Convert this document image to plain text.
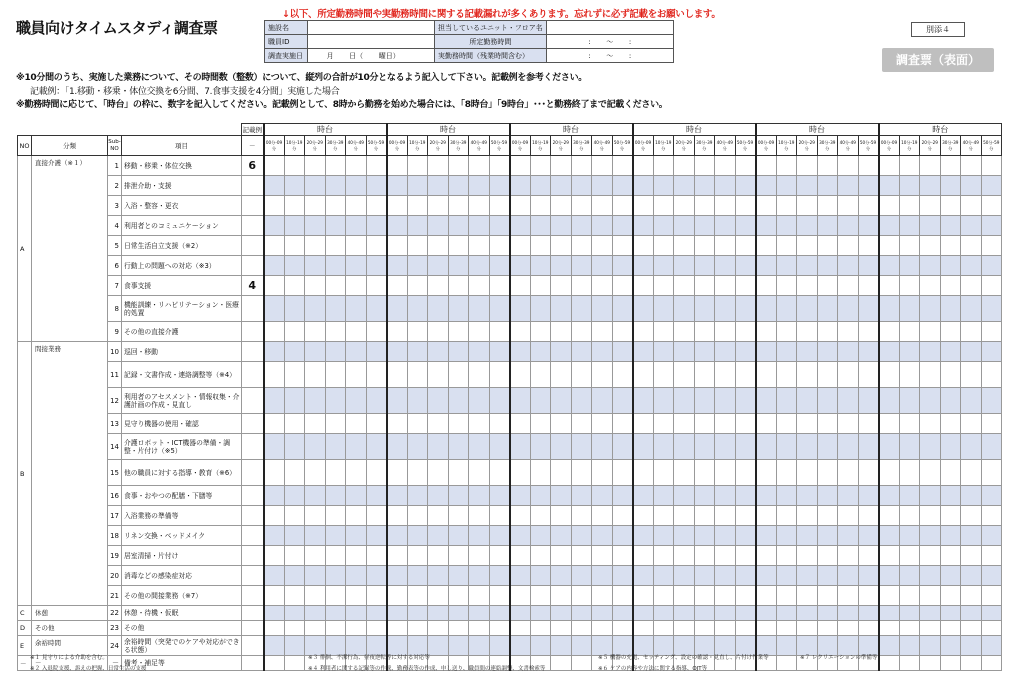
職員向けタイムスタディ調査票
↓以下、所定勤務時間や実勤務時間に関する記載漏れが多くあります。忘れずに必ず記載をお願いします。
施設名		担当しているユニット・フロア名	
職員ID		所定勤務時間	: ～ :
調査実施日	月 日（ 曜日）	実勤務時間（残業時間含む）	: ～ :
別添４
調査票（表面）
※10分間のうち、実施した業務について、その時間数（整数）について、縦列の合計が10分となるよう記入して下さい。記載例を参考ください。
記載例：「1.移動・移乗・体位交換を6分間、7.食事支援を4分間」実施した場合
※勤務時間に応じて、「時台」の枠に、数字を記入してください。記載例として、8時から勤務を始めた場合には、「8時台」「9時台」･･･と勤務終了まで記載ください。
				記載例	時台						時台						時台						時台						時台						時台					
NO	分類	Sub-NO	項目	－	00分-09分	10分-19分	20分-29分	30分-39分	40分-49分	50分-59分	00分-09分	10分-19分	20分-29分	30分-39分	40分-49分	50分-59分	00分-09分	10分-19分	20分-29分	30分-39分	40分-49分	50分-59分	00分-09分	10分-19分	20分-29分	30分-39分	40分-49分	50分-59分	00分-09分	10分-19分	20分-29分	30分-39分	40分-49分	50分-59分	00分-09分	10分-19分	20分-29分	30分-39分	40分-49分	50分-59分
A	直接介護（※１）	1	移動・移乗・体位交換	6																																				
		2	排泄介助・支援																																					
		3	入浴・整容・更衣																																					
		4	利用者とのコミュニケーション																																					
		5	日常生活自立支援（※2）																																					
		6	行動上の問題への対応（※3）																																					
		7	食事支援	4																																				
		8	機能訓練・リハビリテーション・医療的処置																																					
		9	その他の直接介護																																					
B	間接業務	10	巡回・移動																																					
		11	記録・文書作成・連絡調整等（※4）																																					
		12	利用者のアセスメント・情報収集・介護計画の作成・見直し																																					
		13	見守り機器の使用・確認																																					
		14	介護ロボット・ICT機器の準備・調整・片付け（※5）																																					
		15	他の職員に対する指導・教育（※6）																																					
		16	食事・おやつの配膳・下膳等																																					
		17	入浴業務の準備等																																					
		18	リネン交換・ベッドメイク																																					
		19	居室清掃・片付け																																					
		20	消毒などの感染症対応																																					
		21	その他の間接業務（※7）																																					
C	休憩	22	休憩・待機・仮眠																																					
D	その他	23	その他																																					
E	余裕時間	24	余裕時間（突発でのケアや対応ができる状態）																																					
－	－	－	備考・補足等																																					
※１ 見守りによる介助を含む。
※２ 入退院支援、訴えの把握、日常生活の支援
※３ 徘徊、不潔行為、昼夜逆転等に対する対応等
※４ 利用者に関する記録等の作成、勤務表等の作成、申し送り、職員間の連絡調整、文書検索等
※５ 機器の充電、セッティング、設定の確認・見直し、片付け作業等
※６ ケアの内容や方法に関する指導、OJT等
※７ レクリエーションの準備等
